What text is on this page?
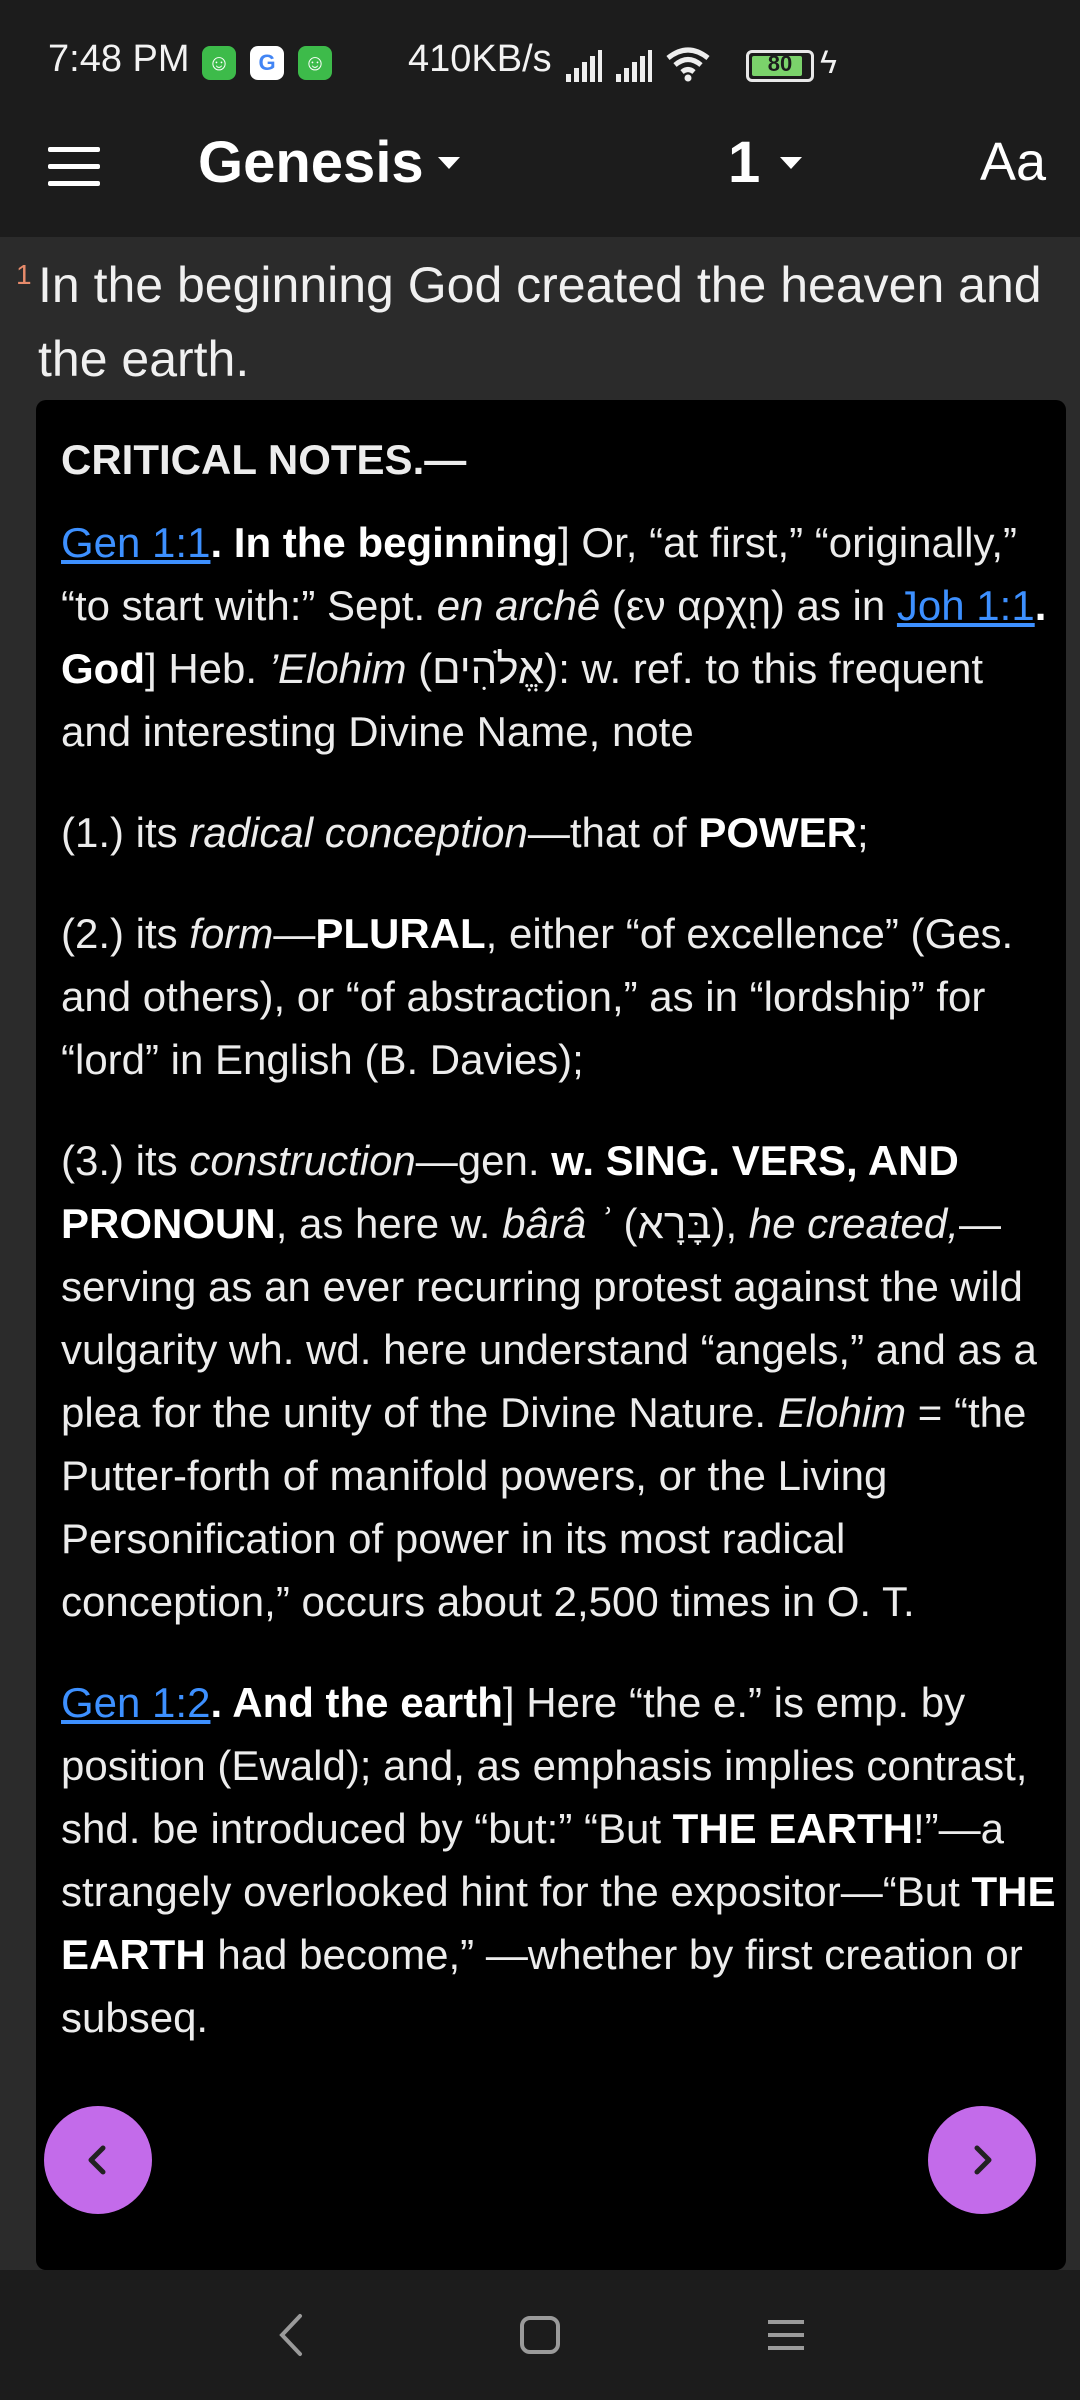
7:48 PM ☺	G	☺ 410KB/s	80 ϟ
Genesis	1	Aa
1 In the beginning God created the heaven and the earth.

CRITICAL NOTES.—

Gen 1:1. In the beginning] Or, “at first,” “originally,” “to start with:” Sept. en archê (εν αρχῃ) as in Joh 1:1. God] Heb. ’Elohim (אֱלֹהִים): w. ref. to this frequent and interesting Divine Name, note

(1.) its radical conception—that of POWER;

(2.) its form—PLURAL, either “of excellence” (Ges. and others), or “of abstraction,” as in “lordship” for “lord” in English (B. Davies);

(3.) its construction—gen. w. SING. VERS, AND PRONOUN, as here w. bârâ ʾ (בָּרָא), he created,—serving as an ever recurring protest against the wild vulgarity wh. wd. here understand “angels,” and as a plea for the unity of the Divine Nature. Elohim = “the Putter-forth of manifold powers, or the Living Personification of power in its most radical conception,” occurs about 2,500 times in O. T.

Gen 1:2. And the earth] Here “the e.” is emp. by position (Ewald); and, as emphasis implies contrast, shd. be introduced by “but:” “But THE EARTH!”—a strangely overlooked hint for the expositor—“But THE EARTH had become,” —whether by first creation or subseq.
